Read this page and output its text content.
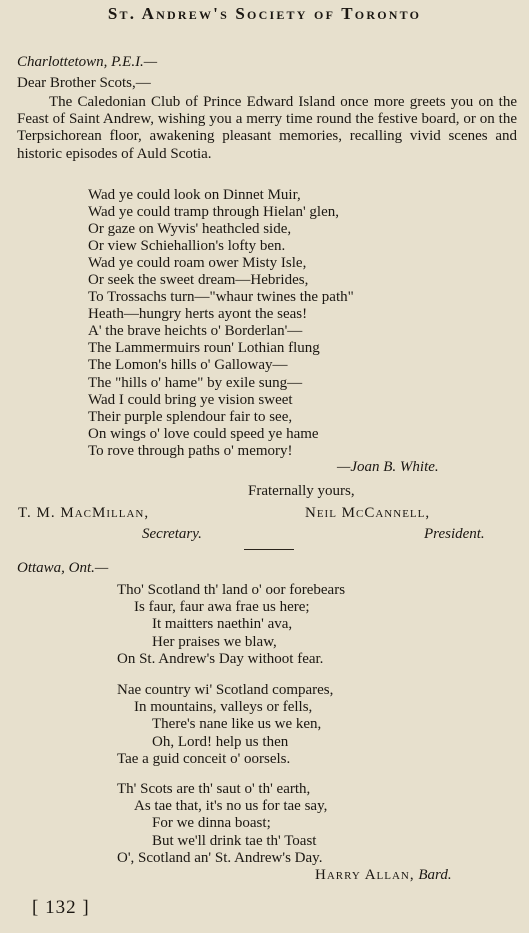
St. Andrew's Society of Toronto
Charlottetown, P.E.I.—
Dear Brother Scots,—
The Caledonian Club of Prince Edward Island once more greets you on the Feast of Saint Andrew, wishing you a merry time round the festive board, or on the Terpsichorean floor, awakening pleasant memories, recalling vivid scenes and historic episodes of Auld Scotia.
Wad ye could look on Dinnet Muir,
Wad ye could tramp through Hielan' glen,
Or gaze on Wyvis' heathcled side,
Or view Schiehallion's lofty ben.
Wad ye could roam ower Misty Isle,
Or seek the sweet dream—Hebrides,
To Trossachs turn—"whaur twines the path"
Heath—hungry herts ayont the seas!
A' the brave heichts o' Borderlan'—
The Lammermuirs roun' Lothian flung
The Lomon's hills o' Galloway—
The "hills o' hame" by exile sung—
Wad I could bring ye vision sweet
Their purple splendour fair to see,
On wings o' love could speed ye hame
To rove through paths o' memory!
—Joan B. White.
Fraternally yours,
T. M. MacMillan,
Secretary.
Neil McCannell,
President.
Ottawa, Ont.—
Tho' Scotland th' land o' oor forebears
Is faur, faur awa frae us here;
It maitters naethin' ava,
Her praises we blaw,
On St. Andrew's Day withoot fear.
Nae country wi' Scotland compares,
In mountains, valleys or fells,
There's nane like us we ken,
Oh, Lord! help us then
Tae a guid conceit o' oorsels.
Th' Scots are th' saut o' th' earth,
As tae that, it's no us for tae say,
For we dinna boast;
But we'll drink tae th' Toast
O', Scotland an' St. Andrew's Day.
Harry Allan, Bard.
[ 132 ]
